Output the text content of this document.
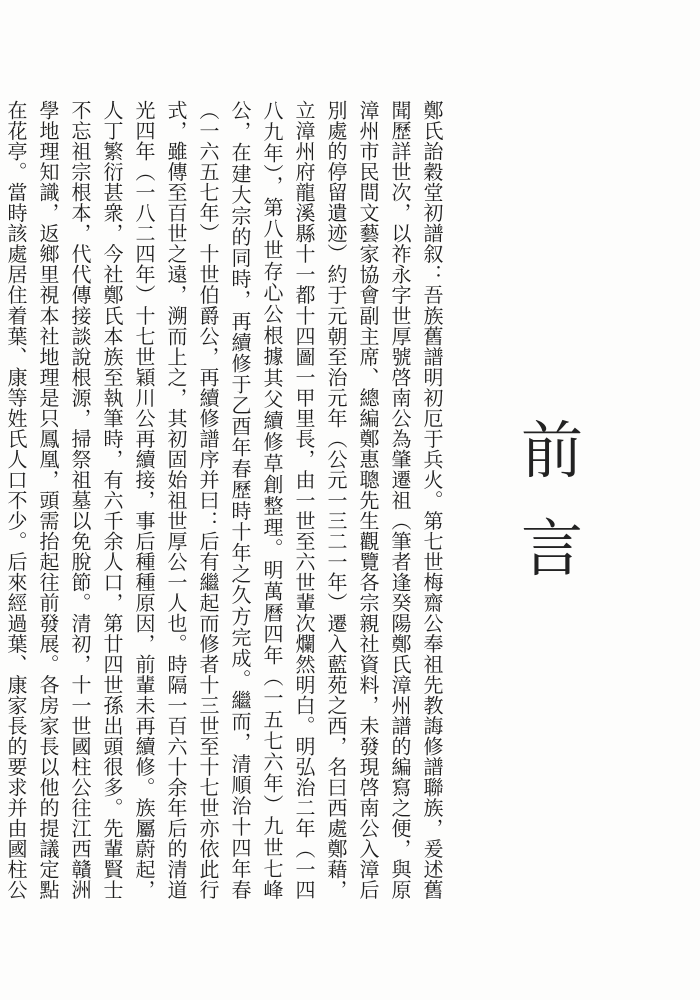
前
言

鄭氏詒穀堂初譜叙：吾族舊譜明初厄于兵火。第七世梅齋公奉祖先教誨修譜聯族，爰述舊聞歷詳世次，以祚永字世厚號啓南公為肇遷祖（筆者逢癸陽鄭氏漳州譜的編寫之便，與原漳州市民間文藝家協會副主席、總編鄭惠聰先生觀覽各宗親社資料，未發現啓南公入漳后別處的停留遺迹）約于元朝至治元年（公元一三二一年）遷入藍苑之西，名曰西處鄭藉，立漳州府龍溪縣十一都十四圖一甲里長，由一世至六世輩次爛然明白。明弘治二年（一四八九年），第八世存心公根據其父續修草創整理。明萬曆四年（一五七六年）九世七峰公，在建大宗的同時，再續修于乙酉年春歷時十年之久方完成。繼而，清順治十四年春（一六五七年）十世伯爵公，再續修譜序并曰：后有繼起而修者十三世至十七世亦依此行式，雖傳至百世之遠，溯而上之，其初固始祖世厚公一人也。時隔一百六十余年后的清道光四年（一八二四年）十七世穎川公再續接，事后種種原因，前輩未再續修。族屬蔚起，人丁繁衍甚衆，今社鄭氏本族至執筆時，有六千余人口，第廿四世孫出頭很多。先輩賢士不忘祖宗根本，代代傳接談說根源，掃祭祖墓以免脫節。清初，十一世國柱公往江西贛洲學地理知識，返鄉里視本社地理是只鳳凰，頭需抬起往前發展。各房家長以他的提議定點在花亭。當時該處居住着葉、康等姓氏人口不少。后來經過葉、康家長的要求并由國柱公
